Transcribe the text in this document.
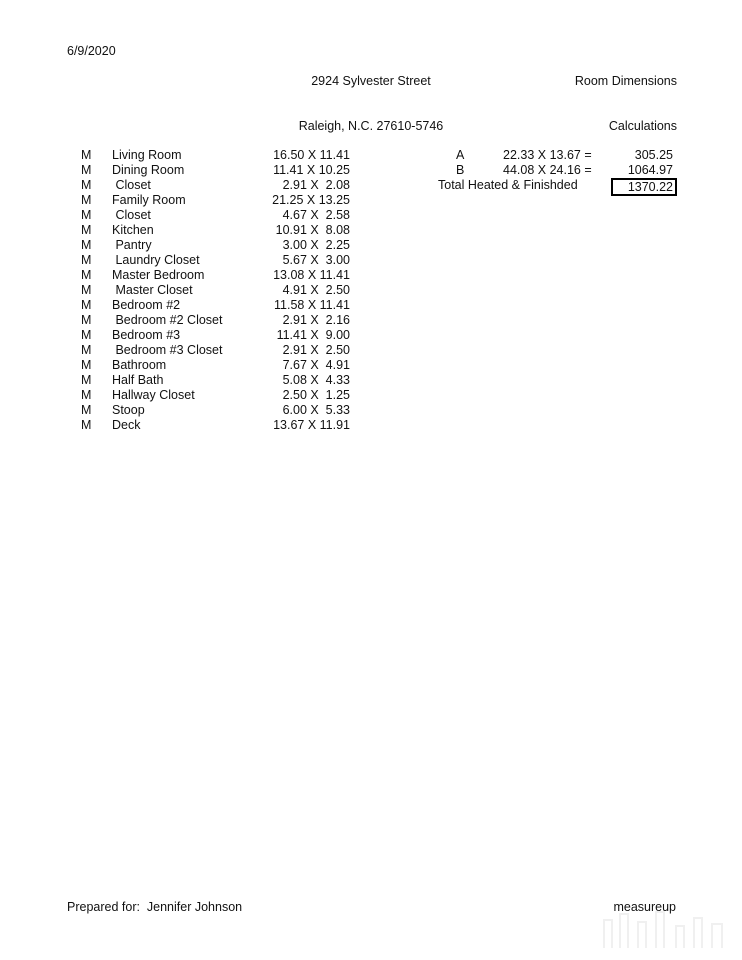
6/9/2020

2924 Sylvester Street

Raleigh, N.C. 27610-5746

Room Dimensions

Calculations

M Living Room	16.50 X 11.41
M Dining Room	11.41 X 10.25
M Closet	2.91 X  2.08
M Family Room	21.25 X 13.25
M Closet	4.67 X  2.58
M Kitchen	10.91 X  8.08
M Pantry	3.00 X  2.25
M Laundry Closet	5.67 X  3.00
M Master Bedroom	13.08 X 11.41
M Master Closet	4.91 X  2.50
M Bedroom #2	11.58 X 11.41
M Bedroom #2 Closet	2.91 X  2.16
M Bedroom #3	11.41 X  9.00
M Bedroom #3 Closet	2.91 X  2.50
M Bathroom	7.67 X  4.91
M Half Bath	5.08 X  4.33
M Hallway Closet	2.50 X  1.25
M Stoop	6.00 X  5.33
M Deck	13.67 X 11.91
A	22.33 X 13.67 =	305.25
B	44.08 X 24.16 =	1064.97
Total Heated & Finishded	1370.22
Prepared for:  Jennifer Johnson	measureup
